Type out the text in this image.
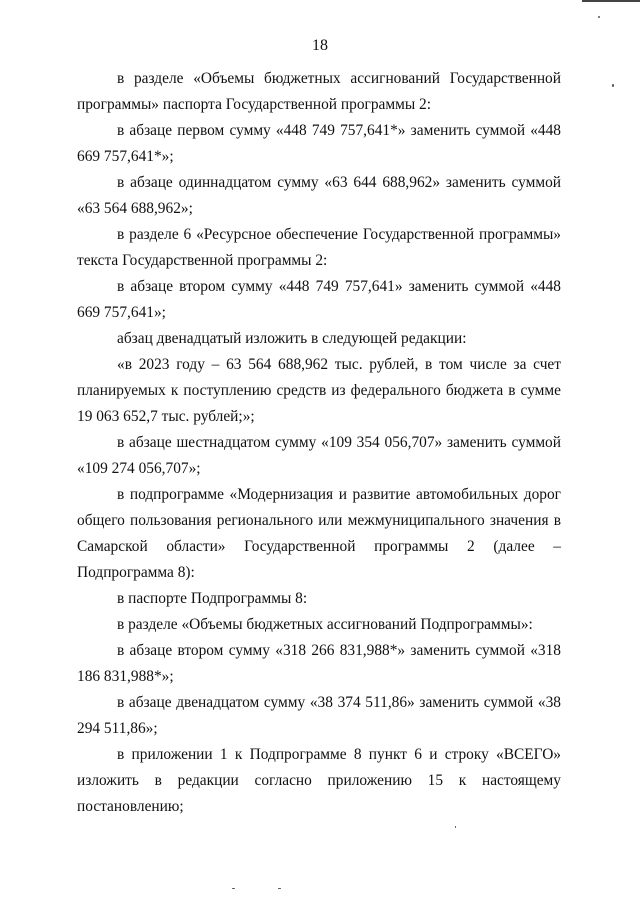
18

в разделе «Объемы бюджетных ассигнований Государственной программы» паспорта Государственной программы 2:

в абзаце первом сумму «448 749 757,641*» заменить суммой «448 669 757,641*»;

в абзаце одиннадцатом сумму «63 644 688,962» заменить суммой «63 564 688,962»;

в разделе 6 «Ресурсное обеспечение Государственной программы» текста Государственной программы 2:

в абзаце втором сумму «448 749 757,641» заменить суммой «448 669 757,641»;

абзац двенадцатый изложить в следующей редакции:

«в 2023 году – 63 564 688,962 тыс. рублей, в том числе за счет планируемых к поступлению средств из федерального бюджета в сумме 19 063 652,7 тыс. рублей;»;

в абзаце шестнадцатом сумму «109 354 056,707» заменить суммой «109 274 056,707»;

в подпрограмме «Модернизация и развитие автомобильных дорог общего пользования регионального или межмуниципального значения в Самарской области» Государственной программы 2 (далее – Подпрограмма 8):

в паспорте Подпрограммы 8:

в разделе «Объемы бюджетных ассигнований Подпрограммы»:

в абзаце втором сумму «318 266 831,988*» заменить суммой «318 186 831,988*»;

в абзаце двенадцатом сумму «38 374 511,86» заменить суммой «38 294 511,86»;

в приложении 1 к Подпрограмме 8 пункт 6 и строку «ВСЕГО» изложить в редакции согласно приложению 15 к настоящему постановлению;
